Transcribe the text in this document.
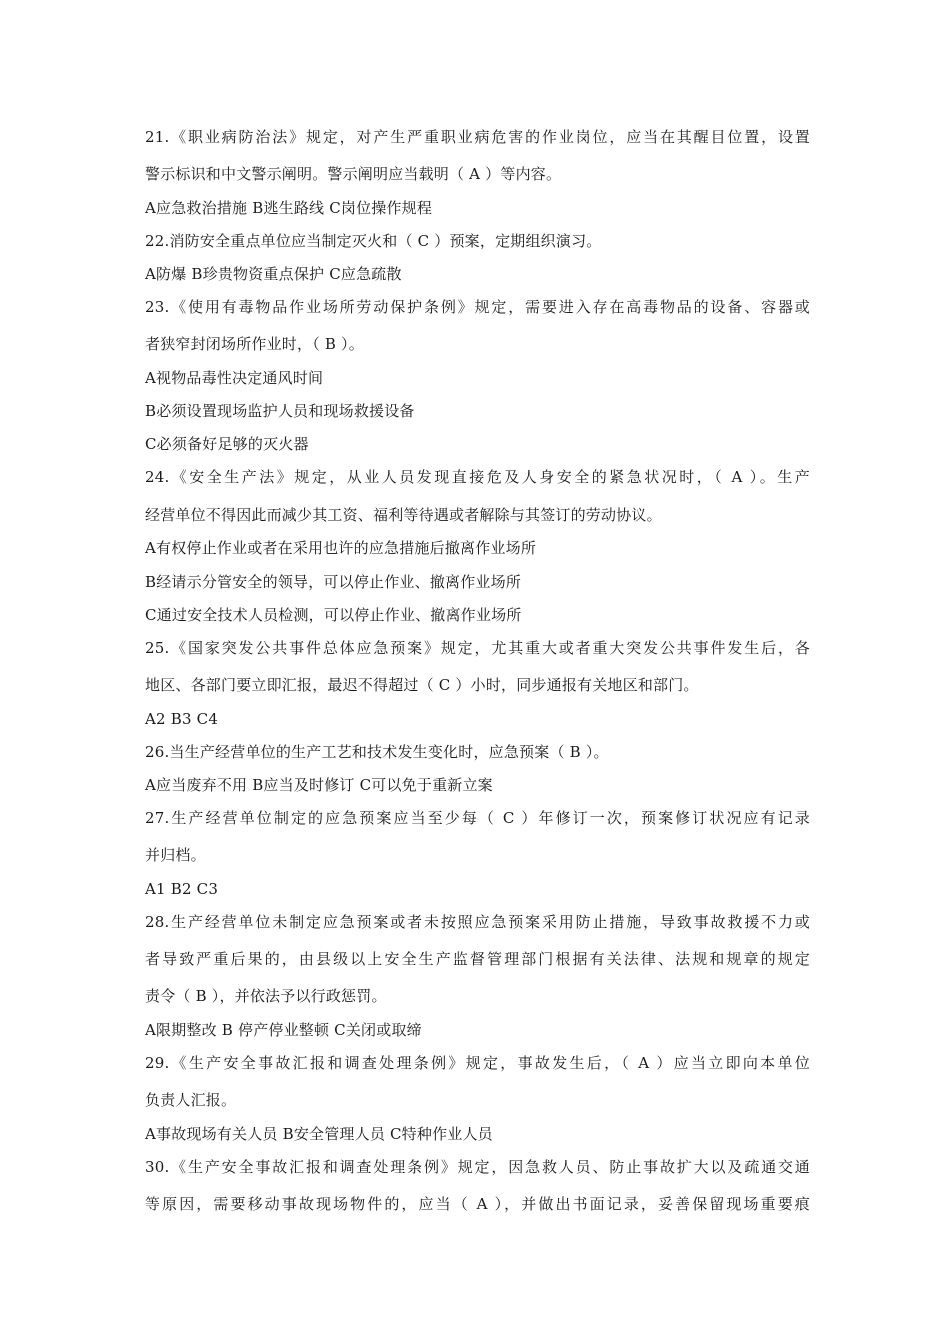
21.《职业病防治法》规定，对产生严重职业病危害的作业岗位，应当在其醒目位置，设置
警示标识和中文警示阐明。警示阐明应当载明（ A ）等内容。
A应急救治措施 B逃生路线 C岗位操作规程
22.消防安全重点单位应当制定灭火和（ C ）预案，定期组织演习。
A防爆 B珍贵物资重点保护 C应急疏散
23.《使用有毒物品作业场所劳动保护条例》规定，需要进入存在高毒物品的设备、容器或
者狭窄封闭场所作业时，（ B ）。
A视物品毒性决定通风时间
B必须设置现场监护人员和现场救援设备
C必须备好足够的灭火器
24.《安全生产法》规定，从业人员发现直接危及人身安全的紧急状况时，（ A ）。生产
经营单位不得因此而减少其工资、福利等待遇或者解除与其签订的劳动协议。
A有权停止作业或者在采用也许的应急措施后撤离作业场所
B经请示分管安全的领导，可以停止作业、撤离作业场所
C通过安全技术人员检测，可以停止作业、撤离作业场所
25.《国家突发公共事件总体应急预案》规定，尤其重大或者重大突发公共事件发生后，各
地区、各部门要立即汇报，最迟不得超过（ C ）小时，同步通报有关地区和部门。
A2 B3 C4
26.当生产经营单位的生产工艺和技术发生变化时，应急预案（ B ）。
A应当废弃不用 B应当及时修订 C可以免于重新立案
27.生产经营单位制定的应急预案应当至少每（ C ）年修订一次，预案修订状况应有记录
并归档。
A1 B2 C3
28.生产经营单位未制定应急预案或者未按照应急预案采用防止措施，导致事故救援不力或
者导致严重后果的，由县级以上安全生产监督管理部门根据有关法律、法规和规章的规定
责令（ B ），并依法予以行政惩罚。
A限期整改 B 停产停业整顿 C关闭或取缔
29.《生产安全事故汇报和调查处理条例》规定，事故发生后，（ A ）应当立即向本单位
负责人汇报。
A事故现场有关人员 B安全管理人员 C特种作业人员
30.《生产安全事故汇报和调查处理条例》规定，因急救人员、防止事故扩大以及疏通交通
等原因，需要移动事故现场物件的，应当（ A ），并做出书面记录，妥善保留现场重要痕
